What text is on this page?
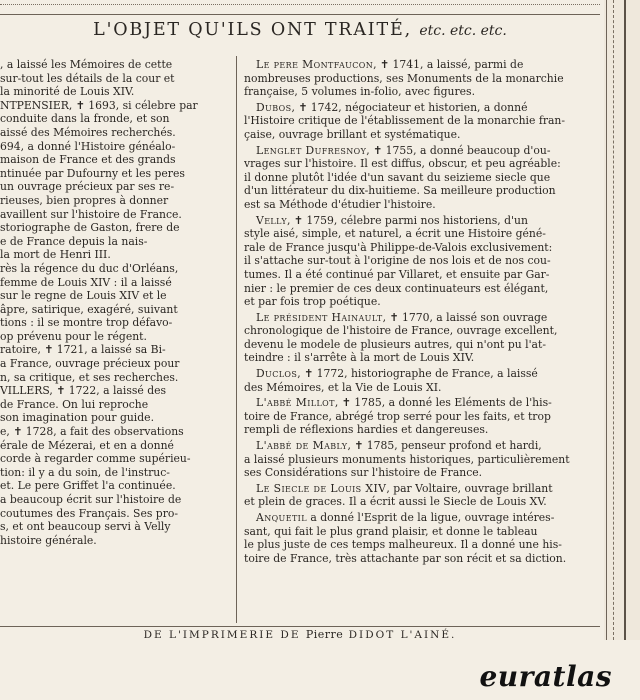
L'OBJET QU'ILS ONT TRAITÉ, etc. etc. etc.
, a laissé les Mémoires de cette
sur-tout les détails de la cour et
la minorité de Louis XIV.
NTPENSIER, ✝ 1693, si célebre par
conduite dans la fronde, et son
aissé des Mémoires recherchés.
694, a donné l'Histoire généalo-
maison de France et des grands
ntinuée par Dufourny et les peres
un ouvrage précieux par ses re-
rieuses, bien propres à donner
availlent sur l'histoire de France.
storiographe de Gaston, frere de
e de France depuis la nais-
la mort de Henri III.
rès la régence du duc d'Orléans,
femme de Louis XIV : il a laissé
sur le regne de Louis XIV et le
âpre, satirique, exagéré, suivant
tions : il se montre trop défavo-
op prévenu pour le régent.
ratoire, ✝ 1721, a laissé sa Bi-
a France, ouvrage précieux pour
n, sa critique, et ses recherches.
VILLERS, ✝ 1722, a laissé des
de France. On lui reproche
son imagination pour guide.
e, ✝ 1728, a fait des observations
érale de Mézerai, et en a donné
corde à regarder comme supérieu-
tion: il y a du soin, de l'instruc-
et. Le pere Griffet l'a continuée.
a beaucoup écrit sur l'histoire de
coutumes des Français. Ses pro-
s, et ont beaucoup servi à Velly
histoire générale.
Le pere Montfaucon, ✝ 1741, a laissé, parmi de
nombreuses productions, ses Monuments de la monarchie
française, 5 volumes in-folio, avec figures.
Dubos, ✝ 1742, négociateur et historien, a donné
l'Histoire critique de l'établissement de la monarchie fran-
çaise, ouvrage brillant et systématique.
Lenglet Dufresnoy, ✝ 1755, a donné beaucoup d'ou-
vrages sur l'histoire. Il est diffus, obscur, et peu agréable:
il donne plutôt l'idée d'un savant du seizieme siecle que
d'un littérateur du dix-huitieme. Sa meilleure production
est sa Méthode d'étudier l'histoire.
Velly, ✝ 1759, célebre parmi nos historiens, d'un
style aisé, simple, et naturel, a écrit une Histoire géné-
rale de France jusqu'à Philippe-de-Valois exclusivement:
il s'attache sur-tout à l'origine de nos lois et de nos cou-
tumes. Il a été continué par Villaret, et ensuite par Gar-
nier : le premier de ces deux continuateurs est élégant,
et par fois trop poétique.
Le président Hainault, ✝ 1770, a laissé son ouvrage
chronologique de l'histoire de France, ouvrage excellent,
devenu le modele de plusieurs autres, qui n'ont pu l'at-
teindre : il s'arrête à la mort de Louis XIV.
Duclos, ✝ 1772, historiographe de France, a laissé
des Mémoires, et la Vie de Louis XI.
L'abbé Millot, ✝ 1785, a donné les Eléments de l'his-
toire de France, abrégé trop serré pour les faits, et trop
rempli de réflexions hardies et dangereuses.
L'abbé de Mably, ✝ 1785, penseur profond et hardi,
a laissé plusieurs monuments historiques, particulièrement
ses Considérations sur l'histoire de France.
Le Siecle de Louis XIV, par Voltaire, ouvrage brillant
et plein de graces. Il a écrit aussi le Siecle de Louis XV.
Anquetil a donné l'Esprit de la ligue, ouvrage intéres-
sant, qui fait le plus grand plaisir, et donne le tableau
le plus juste de ces temps malheureux. Il a donné une his-
toire de France, très attachante par son récit et sa diction.
DE L'IMPRIMERIE DE Pierre DIDOT L'AINÉ.
euratlas
